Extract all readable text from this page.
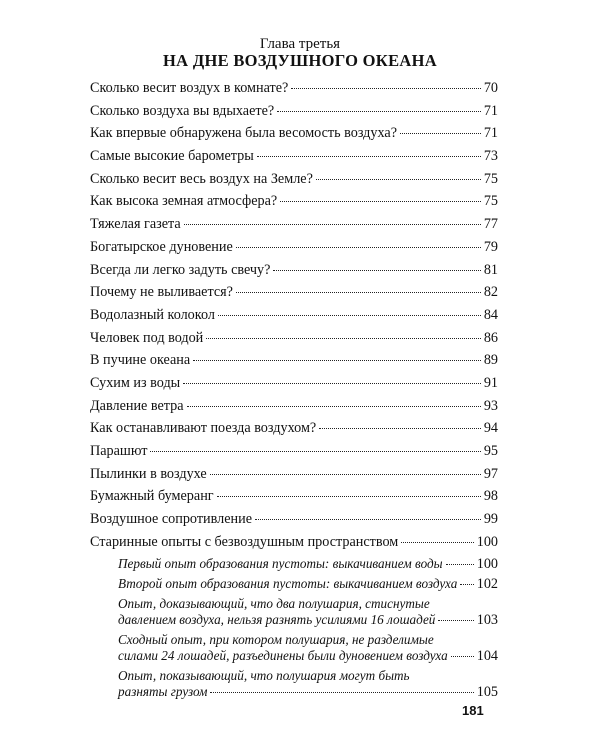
Глава третья
НА ДНЕ ВОЗДУШНОГО ОКЕАНА
Сколько весит воздух в комнате?	70
Сколько воздуха вы вдыхаете?	71
Как впервые обнаружена была весомость воздуха?	71
Самые высокие барометры	73
Сколько весит весь воздух на Земле?	75
Как высока земная атмосфера?	75
Тяжелая газета	77
Богатырское дуновение	79
Всегда ли легко задуть свечу?	81
Почему не выливается?	82
Водолазный колокол	84
Человек под водой	86
В пучине океана	89
Сухим из воды	91
Давление ветра	93
Как останавливают поезда воздухом?	94
Парашют	95
Пылинки в воздухе	97
Бумажный бумеранг	98
Воздушное сопротивление	99
Старинные опыты с безвоздушным пространством	100
Первый опыт образования пустоты: выкачиванием воды 100
Второй опыт образования пустоты: выкачиванием воздуха 102
Опыт, доказывающий, что два полушария, стиснутые
давлением воздуха, нельзя разнять усилиями 16 лошадей	103
Сходный опыт, при котором полушария, не разделимые
силами 24 лошадей, разъединены были дуновением воздуха 104
Опыт, показывающий, что полушария могут быть
разняты грузом	105
181
